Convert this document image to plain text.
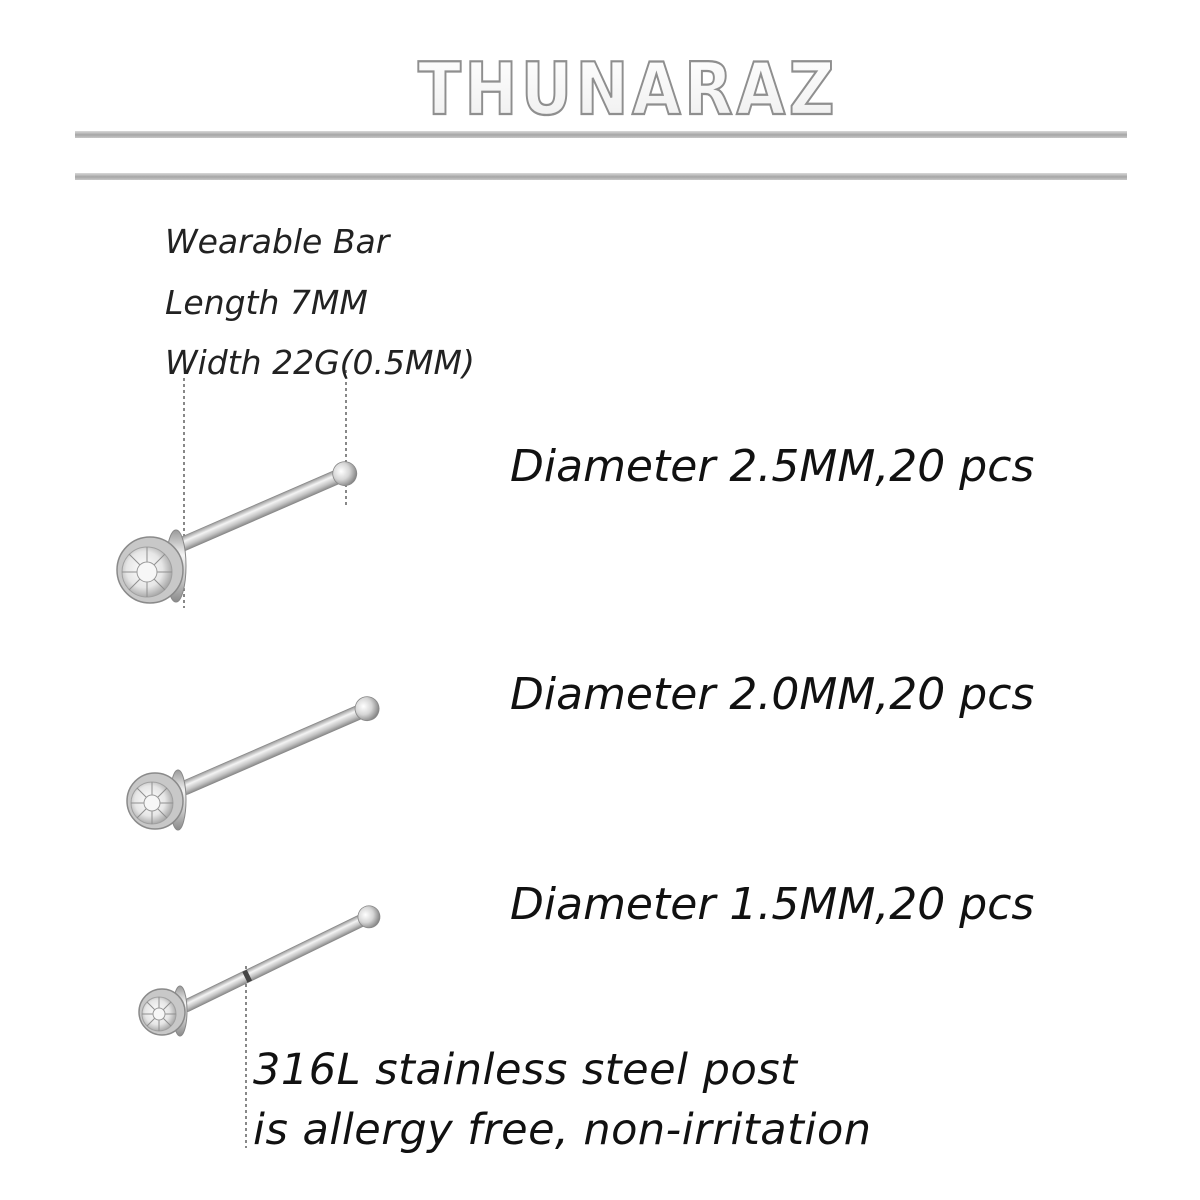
THUNARAZ
Wearable Bar
Length 7MM
Width 22G(0.5MM)
Diameter 2.5MM,20 pcs
Diameter 2.0MM,20 pcs
Diameter 1.5MM,20 pcs
316L stainless steel post
is allergy free, non-irritation
